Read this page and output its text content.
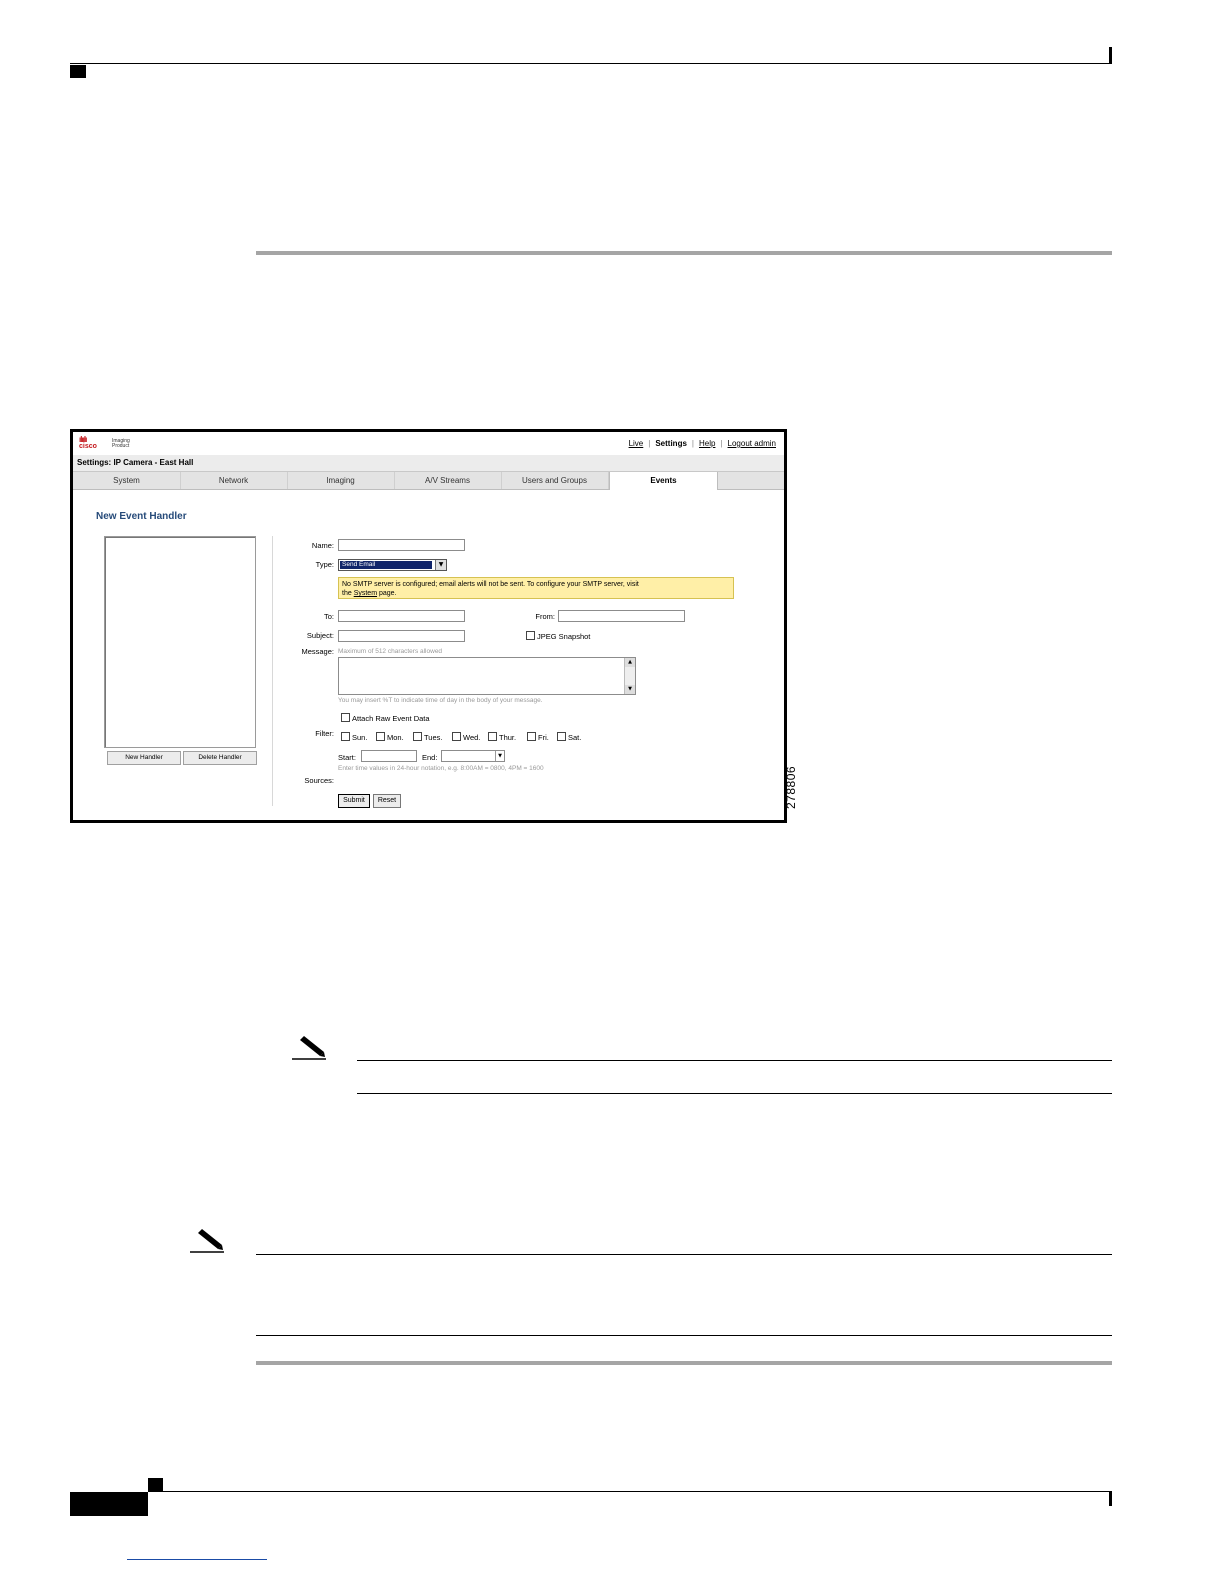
ılıılı
cisco
Imaging Product	Live | Settings | Help | Logout admin
Settings: IP Camera - East Hall
System	Network	Imaging	A/V Streams	Users and Groups	Events
New Event Handler
New Handler	Delete Handler
Name:
Type:	Send Email	▼
No SMTP server is configured; email alerts will not be sent. To configure your SMTP server, visit
the System page.
To:	From:
Subject:	JPEG Snapshot
Message: Maximum of 512 characters allowed
▲
▼
You may insert %T to indicate time of day in the body of your message.
Attach Raw Event Data
Filter: Sun.	Mon.	Tues.	Wed. Thur.	Fri.	Sat.
Start:	End:	▼
Enter time values in 24-hour notation, e.g. 8:00AM = 0800, 4PM = 1600
Sources:
Submit	Reset	278806
